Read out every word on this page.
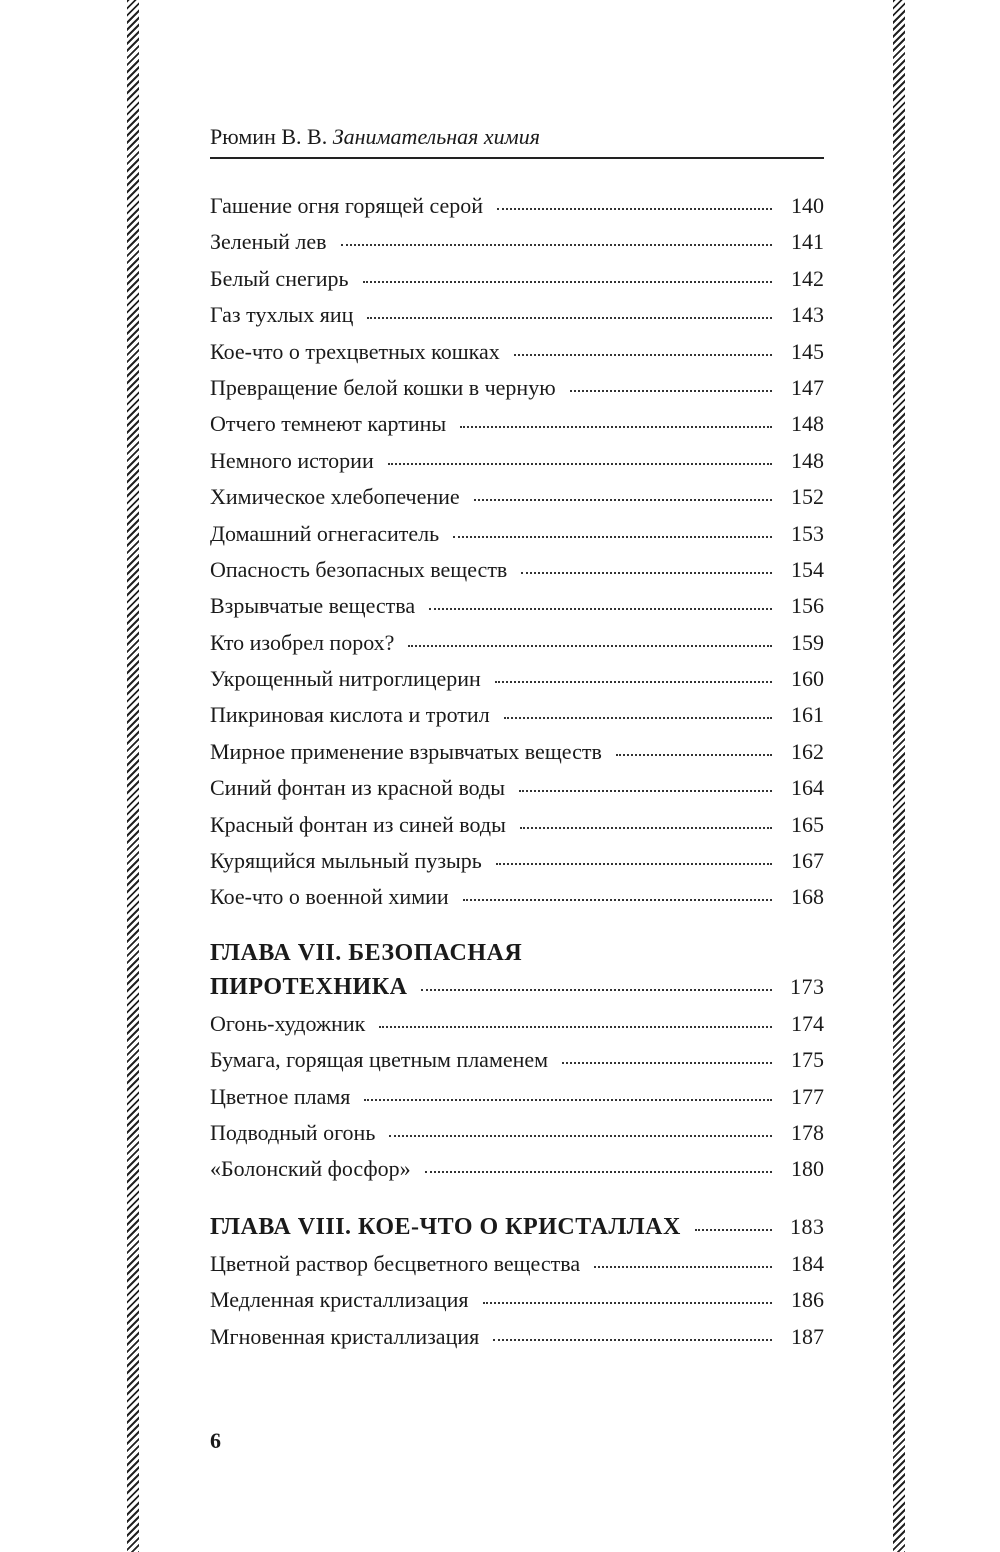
Рюмин В. В. Занимательная химия
Гашение огня горящей серой	140
Зеленый лев	141
Белый снегирь	142
Газ тухлых яиц	143
Кое-что о трехцветных кошках	145
Превращение белой кошки в черную	147
Отчего темнеют картины	148
Немного истории	148
Химическое хлебопечение	152
Домашний огнегаситель	153
Опасность безопасных веществ	154
Взрывчатые вещества	156
Кто изобрел порох?	159
Укрощенный нитроглицерин	160
Пикриновая кислота и тротил	161
Мирное применение взрывчатых веществ	162
Синий фонтан из красной воды	164
Красный фонтан из синей воды	165
Курящийся мыльный пузырь	167
Кое-что о военной химии	168
ГЛАВА VII. БЕЗОПАСНАЯ
ПИРОТЕХНИКА	173
Огонь-художник	174
Бумага, горящая цветным пламенем	175
Цветное пламя	177
Подводный огонь	178
«Болонский фосфор»	180
ГЛАВА VIII. КОЕ-ЧТО О КРИСТАЛЛАХ	183
Цветной раствор бесцветного вещества	184
Медленная кристаллизация	186
Мгновенная кристаллизация	187
6
